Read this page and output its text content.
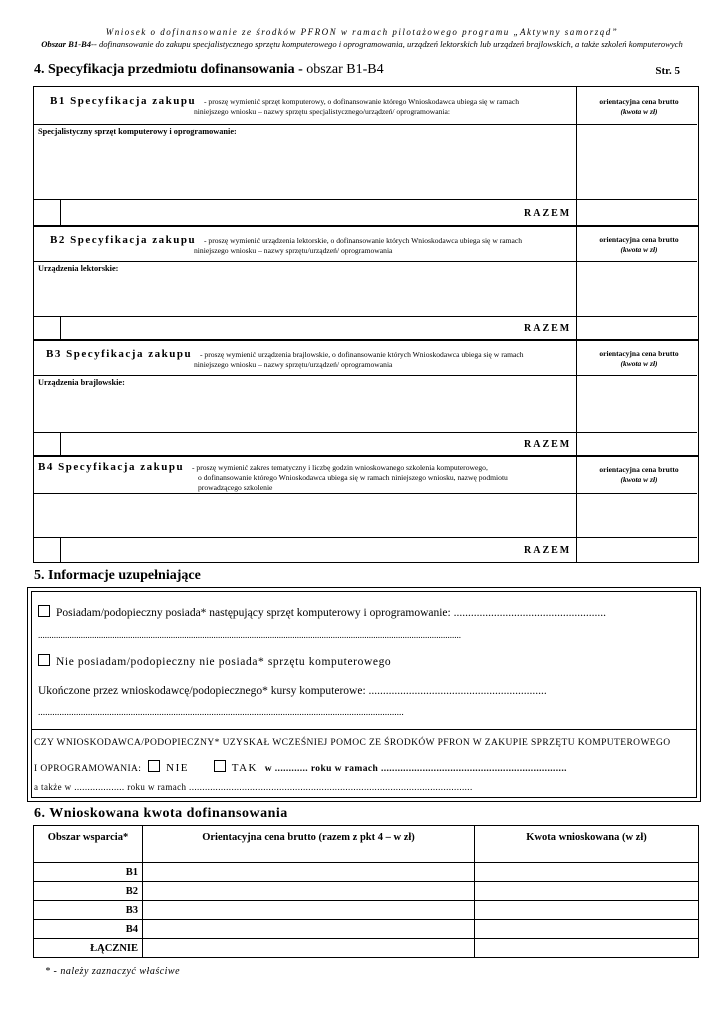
Wniosek o dofinansowanie ze środków PFRON w ramach pilotażowego programu „Aktywny samorząd”
Obszar B1-B4-- dofinansowanie do zakupu specjalistycznego sprzętu komputerowego i oprogramowania, urządzeń lektorskich lub urządzeń brajlowskich, a także szkoleń komputerowych
4. Specyfikacja przedmiotu dofinansowania - obszar B1-B4	Str. 5
B1 Specyfikacja zakupu - proszę wymienić sprzęt komputerowy, o dofinansowanie którego Wnioskodawca ubiega się w ramach
niniejszego wniosku – nazwy sprzętu specjalistycznego/urządzeń/ oprogramowania:
orientacyjna cena brutto
(kwota w zł)
Specjalistyczny sprzęt komputerowy i oprogramowanie:
RAZEM
B2 Specyfikacja zakupu - proszę wymienić urządzenia lektorskie, o dofinansowanie których Wnioskodawca ubiega się w ramach
niniejszego wniosku – nazwy sprzętu/urządzeń/ oprogramowania
orientacyjna cena brutto
(kwota w zł)
Urządzenia lektorskie:
RAZEM
B3 Specyfikacja zakupu - proszę wymienić urządzenia brajlowskie, o dofinansowanie których Wnioskodawca ubiega się w ramach
niniejszego wniosku – nazwy sprzętu/urządzeń/ oprogramowania
orientacyjna cena brutto
(kwota w zł)
Urządzenia brajlowskie:
RAZEM
B4 Specyfikacja zakupu - proszę wymienić zakres tematyczny i liczbę godzin wnioskowanego szkolenia komputerowego,
o dofinansowanie którego Wnioskodawca ubiega się w ramach niniejszego wniosku, nazwę podmiotu
prowadzącego szkolenie
orientacyjna cena brutto
(kwota w zł)
RAZEM
5. Informacje uzupełniające
Posiadam/podopieczny posiada* następujący sprzęt komputerowy i oprogramowanie: .....................................................
............................................................................................................................................................................................
Nie posiadam/podopieczny nie posiada* sprzętu komputerowego
Ukończone przez wnioskodawcę/podopiecznego* kursy komputerowe: ..............................................................
..........................................................................................................................................................
CZY WNIOSKODAWCA/PODOPIECZNY* UZYSKAŁ WCZEŚNIEJ POMOC ZE ŚRODKÓW PFRON W ZAKUPIE SPRZĘTU KOMPUTEROWEGO
I OPROGRAMOWANIA: NIE	TAK w ............ roku w ramach ...................................................................
a także w ................... roku w ramach ...........................................................................................................
6. Wnioskowana kwota dofinansowania
Obszar wsparcia*	Orientacyjna cena brutto (razem z pkt 4 – w zł)	Kwota wnioskowana (w zł)
B1		
B2		
B3		
B4		
ŁĄCZNIE		
* - należy zaznaczyć właściwe
